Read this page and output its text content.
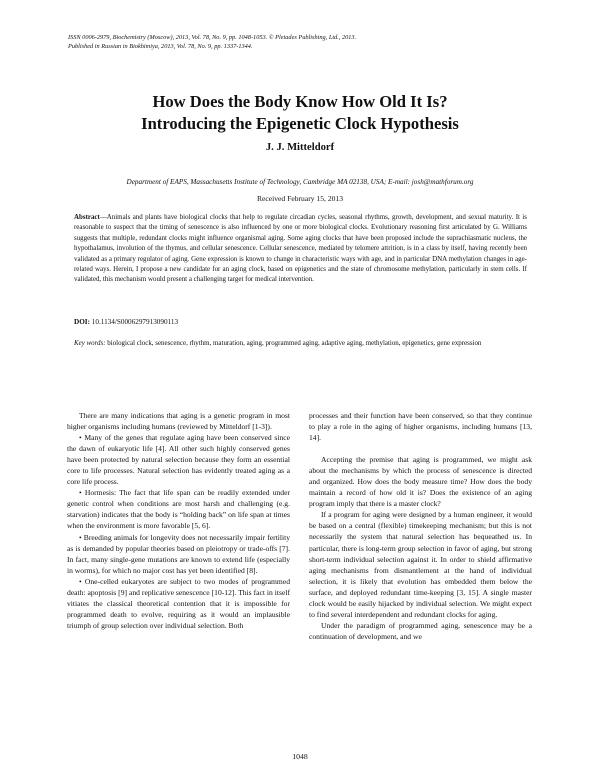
ISSN 0006-2979, Biochemistry (Moscow), 2013, Vol. 78, No. 9, pp. 1048-1053. © Pleiades Publishing, Ltd., 2013.
Published in Russian in Biokhimiya, 2013, Vol. 78, No. 9, pp. 1337-1344.
How Does the Body Know How Old It Is?
Introducing the Epigenetic Clock Hypothesis
J. J. Mitteldorf
Department of EAPS, Massachusetts Institute of Technology, Cambridge MA 02138, USA; E-mail: josh@mathforum.org
Received February 15, 2013
Abstract—Animals and plants have biological clocks that help to regulate circadian cycles, seasonal rhythms, growth, development, and sexual maturity. It is reasonable to suspect that the timing of senescence is also influenced by one or more biological clocks. Evolutionary reasoning first articulated by G. Williams suggests that multiple, redundant clocks might influence organismal aging. Some aging clocks that have been proposed include the suprachiasmatic nucleus, the hypothalamus, involution of the thymus, and cellular senescence. Cellular senescence, mediated by telomere attrition, is in a class by itself, having recently been validated as a primary regulator of aging. Gene expression is known to change in characteristic ways with age, and in particular DNA methylation changes in age-related ways. Herein, I propose a new candidate for an aging clock, based on epigenetics and the state of chromosome methylation, particularly in stem cells. If validated, this mechanism would present a challenging target for medical intervention.
DOI: 10.1134/S0006297913090113
Key words: biological clock, senescence, rhythm, maturation, aging, programmed aging, adaptive aging, methylation, epigenetics, gene expression

There are many indications that aging is a genetic program in most higher organisms including humans (reviewed by Mitteldorf [1-3]).

• Many of the genes that regulate aging have been conserved since the dawn of eukaryotic life [4]. All other such highly conserved genes have been protected by natural selection because they form an essential core to life processes. Natural selection has evidently treated aging as a core life process.

• Hormesis: The fact that life span can be readily extended under genetic control when conditions are most harsh and challenging (e.g. starvation) indicates that the body is “holding back” on life span at times when the environment is more favorable [5, 6].

• Breeding animals for longevity does not necessarily impair fertility as is demanded by popular theories based on pleiotropy or trade-offs [7]. In fact, many single-gene mutations are known to extend life (especially in worms), for which no major cost has yet been identified [8].

• One-celled eukaryotes are subject to two modes of programmed death: apoptosis [9] and replicative senescence [10-12]. This fact in itself vitiates the classical theoretical contention that it is impossible for programmed death to evolve, requiring as it would an implausible triumph of group selection over individual selection. Both

processes and their function have been conserved, so that they continue to play a role in the aging of higher organisms, including humans [13, 14].

Accepting the premise that aging is programmed, we might ask about the mechanisms by which the process of senescence is directed and organized. How does the body measure time? How does the body maintain a record of how old it is? Does the existence of an aging program imply that there is a master clock?

If a program for aging were designed by a human engineer, it would be based on a central (flexible) timekeeping mechanism; but this is not necessarily the system that natural selection has bequeathed us. In particular, there is long-term group selection in favor of aging, but strong short-term individual selection against it. In order to shield affirmative aging mechanisms from dismantlement at the hand of individual selection, it is likely that evolution has embedded them below the surface, and deployed redundant time-keeping [3, 15]. A single master clock would be easily hijacked by individual selection. We might expect to find several interdependent and redundant clocks for aging.

Under the paradigm of programmed aging, senescence may be a continuation of development, and we

1048
